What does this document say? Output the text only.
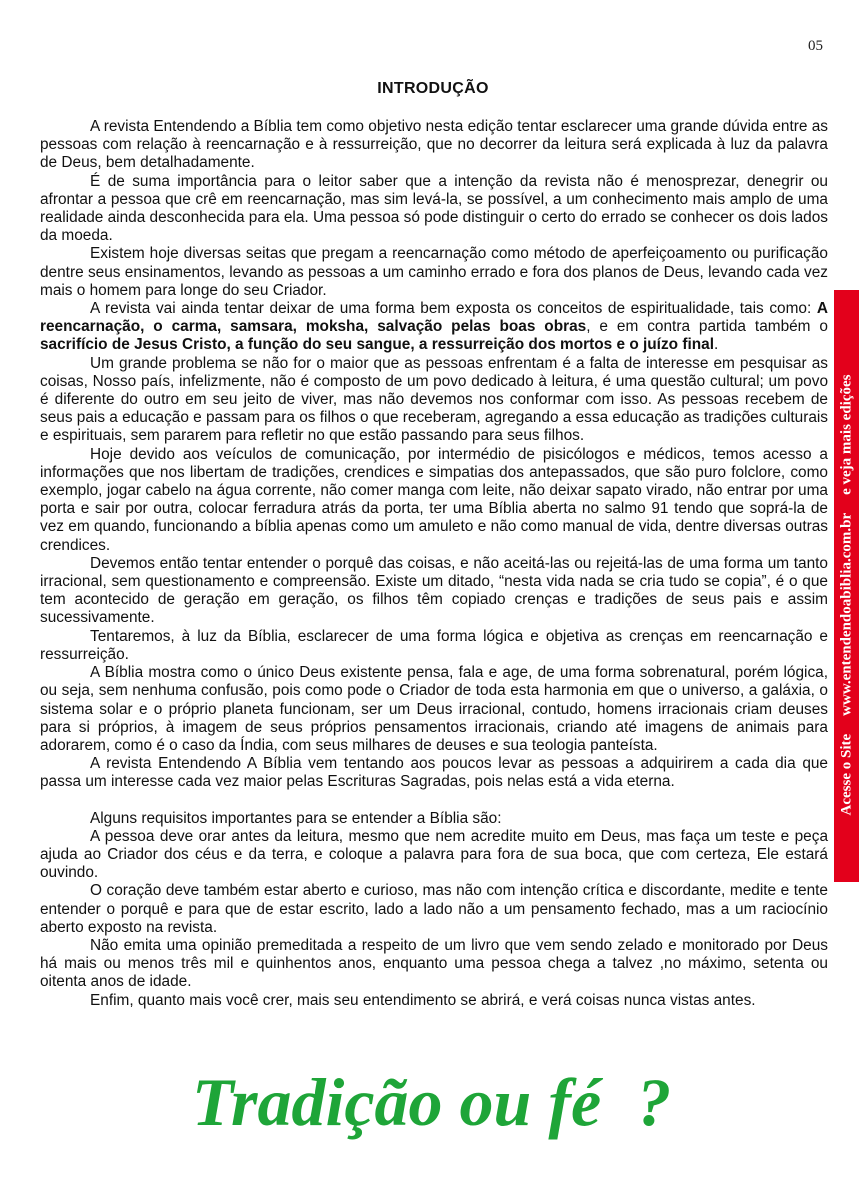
05
INTRODUÇÃO

A revista Entendendo a Bíblia tem como objetivo nesta edição tentar esclarecer uma grande dúvida entre as pessoas com relação à reencarnação e à ressurreição, que no decorrer da leitura será explicada à luz da palavra de Deus, bem detalhadamente.

É de suma importância para o leitor saber que a intenção da revista não é menosprezar, denegrir ou afrontar a pessoa que crê em reencarnação, mas sim levá-la, se possível, a um conhecimento mais amplo de uma realidade ainda desconhecida para ela. Uma pessoa só pode distinguir o certo do errado se conhecer os dois lados da moeda.

Existem hoje diversas seitas que pregam a reencarnação como método de aperfeiçoamento ou purificação dentre seus ensinamentos, levando as pessoas a um caminho errado e fora dos planos de Deus, levando cada vez mais o homem para longe do seu Criador.

A revista vai ainda tentar deixar de uma forma bem exposta os conceitos de espiritualidade, tais como: A reencarnação, o carma, samsara, moksha, salvação pelas boas obras, e em contra partida também o sacrifício de Jesus Cristo, a função do seu sangue, a ressurreição dos mortos e o juízo final.

Um grande problema se não for o maior que as pessoas enfrentam é a falta de interesse em pesquisar as coisas, Nosso país, infelizmente, não é composto de um povo dedicado à leitura, é uma questão cultural; um povo é diferente do outro em seu jeito de viver, mas não devemos nos conformar com isso. As pessoas recebem de seus pais a educação e passam para os filhos o que receberam, agregando a essa educação as tradições culturais e espirituais, sem pararem para refletir no que estão passando para seus filhos.

Hoje devido aos veículos de comunicação, por intermédio de pisicólogos e médicos, temos acesso a informações que nos libertam de tradições, crendices e simpatias dos antepassados, que são puro folclore, como exemplo, jogar cabelo na água corrente, não comer manga com leite, não deixar sapato virado, não entrar por uma porta e sair por outra, colocar ferradura atrás da porta, ter uma Bíblia aberta no salmo 91 tendo que soprá-la de vez em quando, funcionando a bíblia apenas como um amuleto e não como manual de vida, dentre diversas outras crendices.

Devemos então tentar entender o porquê das coisas, e não aceitá-las ou rejeitá-las de uma forma um tanto irracional, sem questionamento e compreensão. Existe um ditado, “nesta vida nada se cria tudo se copia”, é o que tem acontecido de geração em geração, os filhos têm copiado crenças e tradições de seus pais e assim sucessivamente.

Tentaremos, à luz da Bíblia, esclarecer de uma forma lógica e objetiva as crenças em reencarnação e ressurreição.

A Bíblia mostra como o único Deus existente pensa, fala e age, de uma forma sobrenatural, porém lógica, ou seja, sem nenhuma confusão, pois como pode o Criador de toda esta harmonia em que o universo, a galáxia, o sistema solar e o próprio planeta funcionam, ser um Deus irracional, contudo, homens irracionais criam deuses para si próprios, à imagem de seus próprios pensamentos irracionais, criando até imagens de animais para adorarem, como é o caso da Índia, com seus milhares de deuses e sua teologia panteísta.

A revista Entendendo A Bíblia vem tentando aos poucos levar as pessoas a adquirirem a cada dia que passa um interesse cada vez maior pelas Escrituras Sagradas, pois nelas está a vida eterna.

Alguns requisitos importantes para se entender a Bíblia são:

A pessoa deve orar antes da leitura, mesmo que nem acredite muito em Deus, mas faça um teste e peça ajuda ao Criador dos céus e da terra, e coloque a palavra para fora de sua boca, que com certeza, Ele estará ouvindo.

O coração deve também estar aberto e curioso, mas não com intenção crítica e discordante, medite e tente entender o porquê e para que de estar escrito, lado a lado não a um pensamento fechado, mas a um raciocínio aberto exposto na revista.

Não emita uma opinião premeditada a respeito de um livro que vem sendo zelado e monitorado por Deus há mais ou menos três mil e quinhentos anos, enquanto uma pessoa chega a talvez ,no máximo, setenta ou oitenta anos de idade.

Enfim, quanto mais você crer, mais seu entendimento se abrirá, e verá coisas nunca vistas antes.

Acesse o Sitewww.entendendoabiblia.com.bre veja mais edições
Tradição ou fé ?
